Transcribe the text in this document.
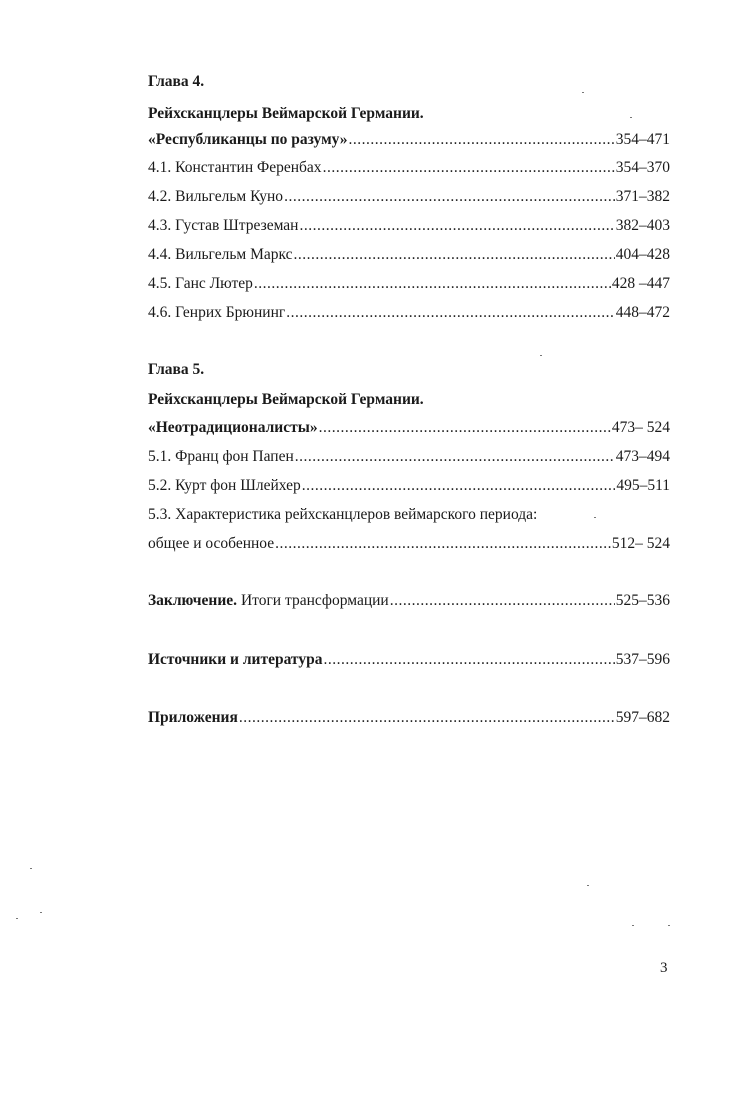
Глава 4.
Рейхсканцлеры Веймарской Германии.
«Республиканцы по разуму» .....	354–471
4.1. Константин Ференбах .....	354–370
4.2. Вильгельм Куно .....	371–382
4.3. Густав Штреземан .....	382–403
4.4. Вильгельм Маркс .....	404–428
4.5. Ганс Лютер .....	428 –447
4.6. Генрих Брюнинг .....	448–472
Глава 5.
Рейхсканцлеры Веймарской Германии.
«Неотрадиционалисты» .....	473– 524
5.1. Франц фон Папен .....	473–494
5.2. Курт фон Шлейхер .....	495–511
5.3. Характеристика рейхсканцлеров веймарского периода:
общее и особенное .....	512– 524
Заключение. Итоги трансформации .....	525–536
Источники и литература .....	537–596
Приложения .....	597–682
3
